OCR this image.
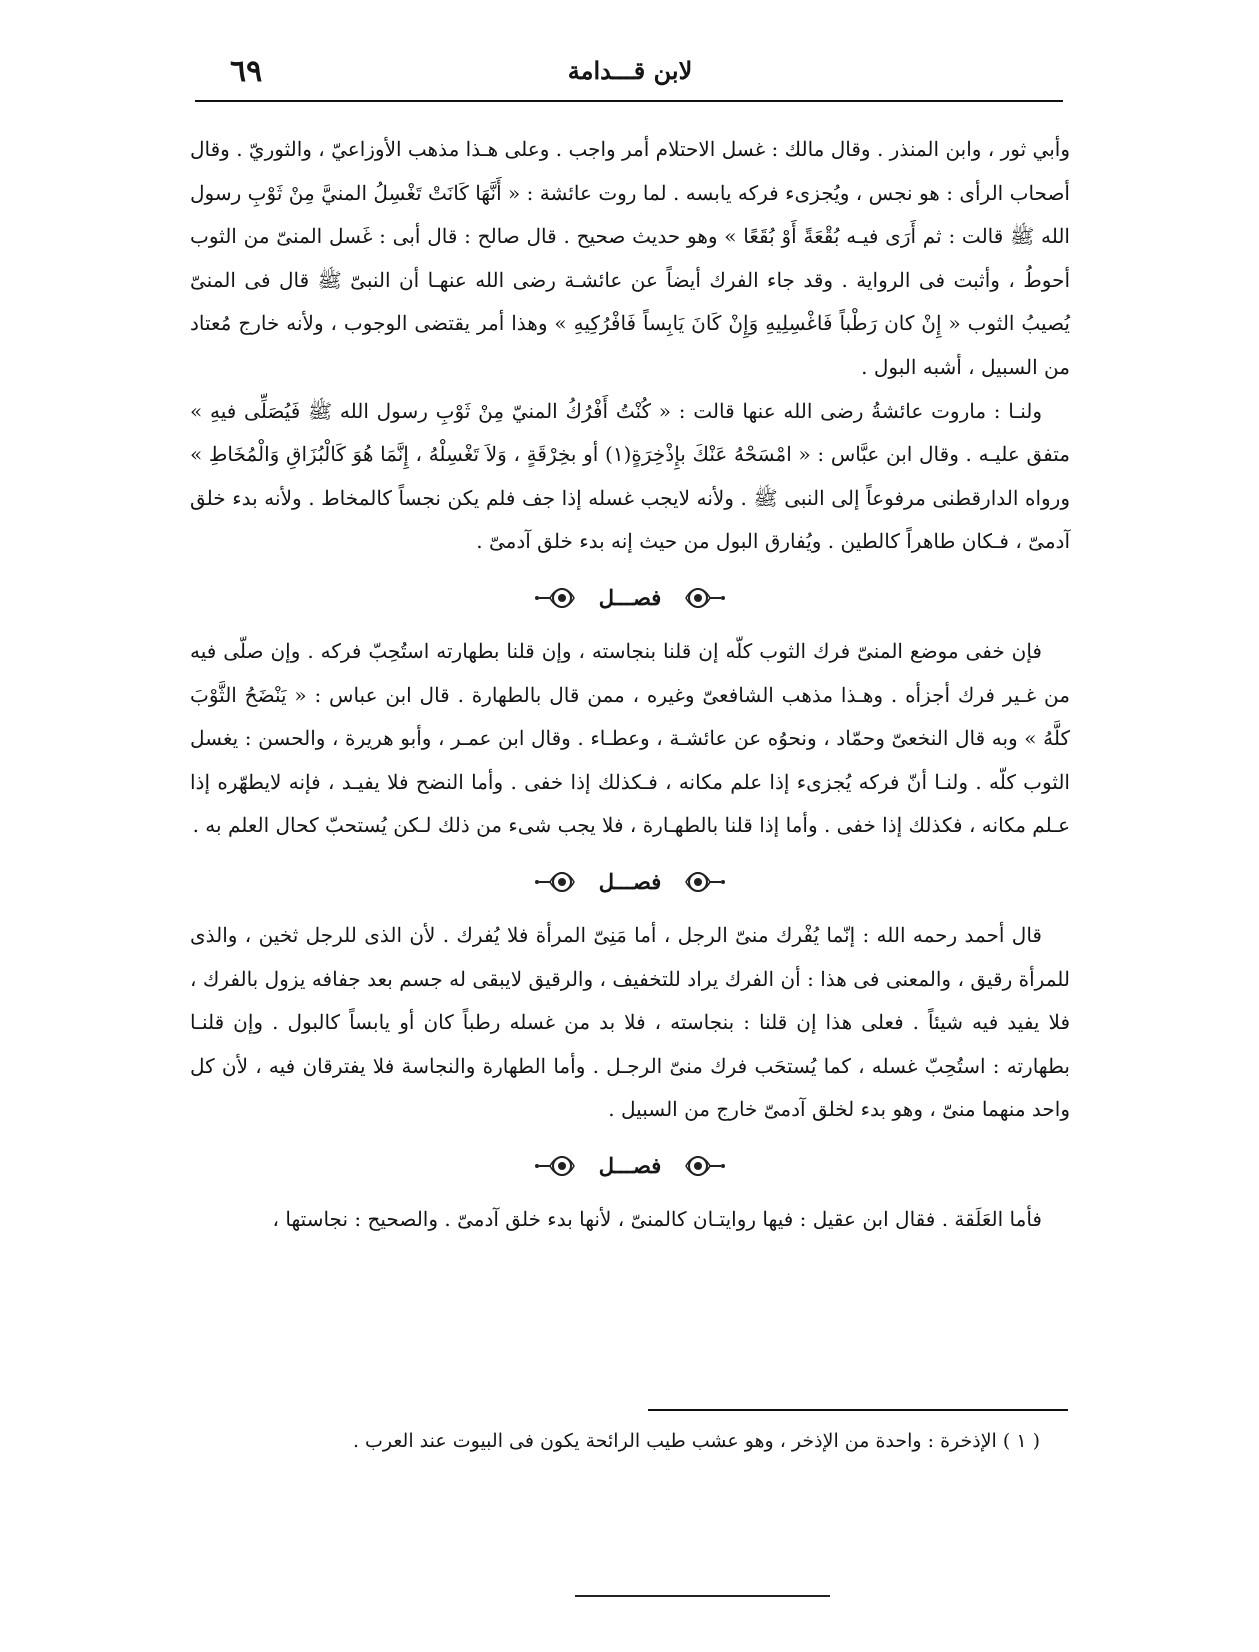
٦٩	لابن قـــدامة

وأبي ثور ، وابن المنذر . وقال مالك : غسل الاحتلام أمر واجب . وعلى هـذا مذهب الأوزاعيّ ، والثوريّ . وقال أصحاب الرأى : هو نجس ، ويُجزىء فركه يابسه . لما روت عائشة : « أَنَّهَا كَانَتْ تَغْسِلُ المنيَّ مِنْ ثَوْبِ رسول الله ﷺ قالت : ثم أَرَى فيـه بُقْعَةً أَوْ بُقَعًا » وهو حديث صحيح . قال صالح : قال أبى : غَسل المنىّ من الثوب أحوطُ ، وأثبت فى الرواية . وقد جاء الفرك أيضاً عن عائشـة رضى الله عنهـا أن النبىّ ﷺ قال فى المنىّ يُصيبُ الثوب « إِنْ كان رَطْباً فَاغْسِلِيهِ وَإِنْ كَانَ يَابِساً فَافْرُكِيهِ » وهذا أمر يقتضى الوجوب ، ولأنه خارج مُعتاد من السبيل ، أشبه البول .

ولنـا : ماروت عائشةُ رضى الله عنها قالت : « كُنْتُ أَفْرُكُ المنيّ مِنْ ثَوْبِ رسول الله ﷺ فَيُصَلِّى فيهِ » متفق عليـه . وقال ابن عبَّاس : « امْسَحْهُ عَنْكَ بإِذْخِرَةٍ(١) أو بخِرْقَةٍ ، وَلاَ تَغْسِلْهُ ، إِنَّمَا هُوَ كَالْبُزَاقِ وَالْمُخَاطِ » ورواه الدارقطنى مرفوعاً إلى النبى ﷺ . ولأنه لايجب غسله إذا جف فلم يكن نجساً كالمخاط . ولأنه بدء خلق آدمىّ ، فـكان طاهراً كالطين . ويُفارق البول من حيث إنه بدء خلق آدمىّ .

فصـــل

فإن خفى موضع المنىّ فرك الثوب كلّه إن قلنا بنجاسته ، وإن قلنا بطهارته استُحِبّ فركه . وإن صلّى فيه من غـير فرك أجزأه . وهـذا مذهب الشافعىّ وغيره ، ممن قال بالطهارة . قال ابن عباس : « يَنْضَحُ الثَّوْبَ كلَّهُ » وبه قال النخعىّ وحمّاد ، ونحوُه عن عائشـة ، وعطـاء . وقال ابن عمـر ، وأبو هريرة ، والحسن : يغسل الثوب كلّه . ولنـا أنّ فركه يُجزىء إذا علم مكانه ، فـكذلك إذا خفى . وأما النضح فلا يفيـد ، فإنه لايطهّره إذا عـلم مكانه ، فكذلك إذا خفى . وأما إذا قلنا بالطهـارة ، فلا يجب شىء من ذلك لـكن يُستحبّ كحال العلم به .

فصـــل

قال أحمد رحمه الله : إنّما يُفْرك منىّ الرجل ، أما مَنِىّ المرأة فلا يُفرك . لأن الذى للرجل ثخين ، والذى للمرأة رقيق ، والمعنى فى هذا : أن الفرك يراد للتخفيف ، والرقيق لايبقى له جسم بعد جفافه يزول بالفرك ، فلا يفيد فيه شيئاً . فعلى هذا إن قلنا : بنجاسته ، فلا بد من غسله رطباً كان أو يابساً كالبول . وإن قلنـا بطهارته : استُحِبّ غسله ، كما يُستحَب فرك منىّ الرجـل . وأما الطهارة والنجاسة فلا يفترقان فيه ، لأن كل واحد منهما منىّ ، وهو بدء لخلق آدمىّ خارج من السبيل .

فصـــل

فأما العَلَقة . فقال ابن عقيل : فيها روايتـان كالمنىّ ، لأنها بدء خلق آدمىّ . والصحيح : نجاستها ،

( ١ ) الإذخرة : واحدة من الإذخر ، وهو عشب طيب الرائحة يكون فى البيوت عند العرب .
